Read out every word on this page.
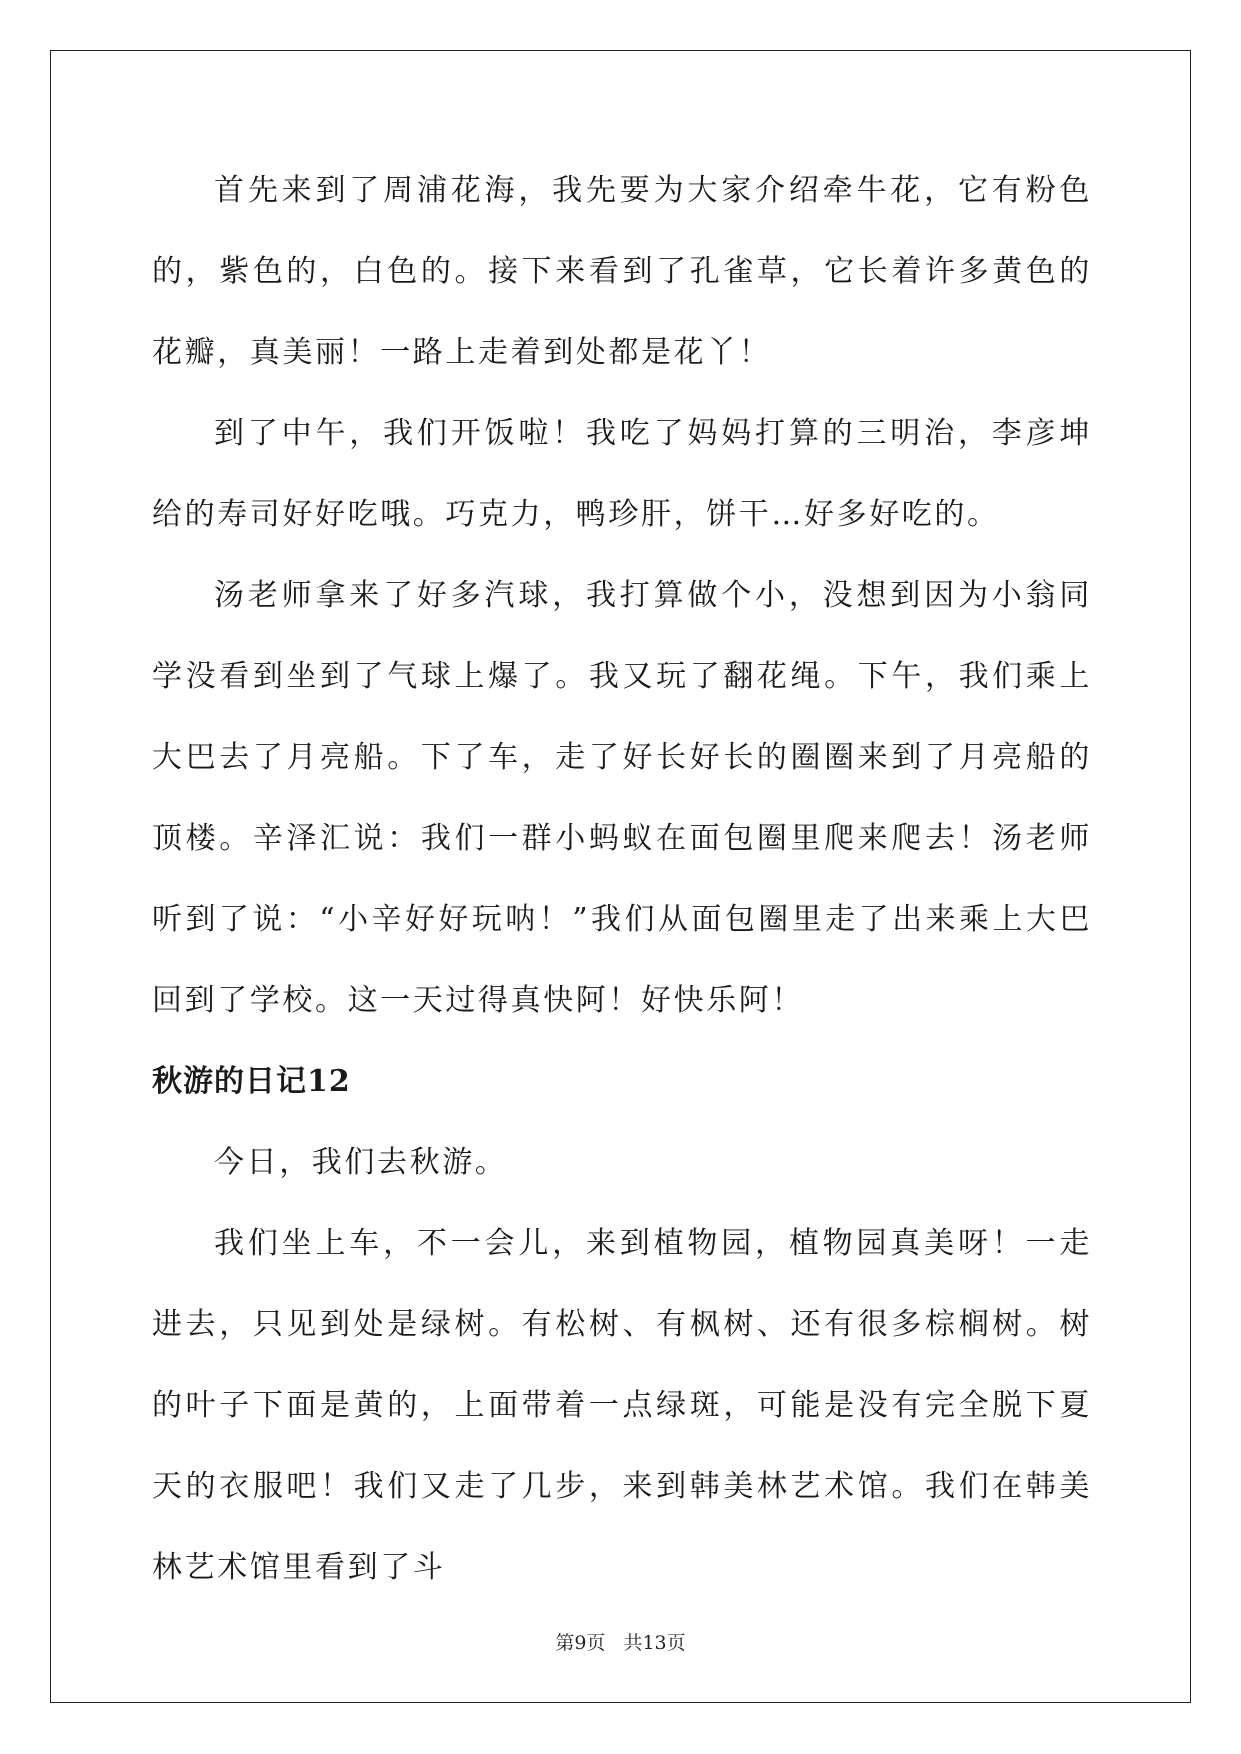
首先来到了周浦花海，我先要为大家介绍牵牛花，它有粉色的，紫色的，白色的。接下来看到了孔雀草，它长着许多黄色的花瓣，真美丽！一路上走着到处都是花丫！

到了中午，我们开饭啦！我吃了妈妈打算的三明治，李彦坤给的寿司好好吃哦。巧克力，鸭珍肝，饼干…好多好吃的。

汤老师拿来了好多汽球，我打算做个小，没想到因为小翁同学没看到坐到了气球上爆了。我又玩了翻花绳。下午，我们乘上大巴去了月亮船。下了车，走了好长好长的圈圈来到了月亮船的顶楼。辛泽汇说：我们一群小蚂蚁在面包圈里爬来爬去！汤老师听到了说：“小辛好好玩呐！”我们从面包圈里走了出来乘上大巴回到了学校。这一天过得真快阿！好快乐阿！

秋游的日记12

今日，我们去秋游。

我们坐上车，不一会儿，来到植物园，植物园真美呀！一走进去，只见到处是绿树。有松树、有枫树、还有很多棕榈树。树的叶子下面是黄的，上面带着一点绿斑，可能是没有完全脱下夏天的衣服吧！我们又走了几步，来到韩美林艺术馆。我们在韩美林艺术馆里看到了斗

第9页 共13页
